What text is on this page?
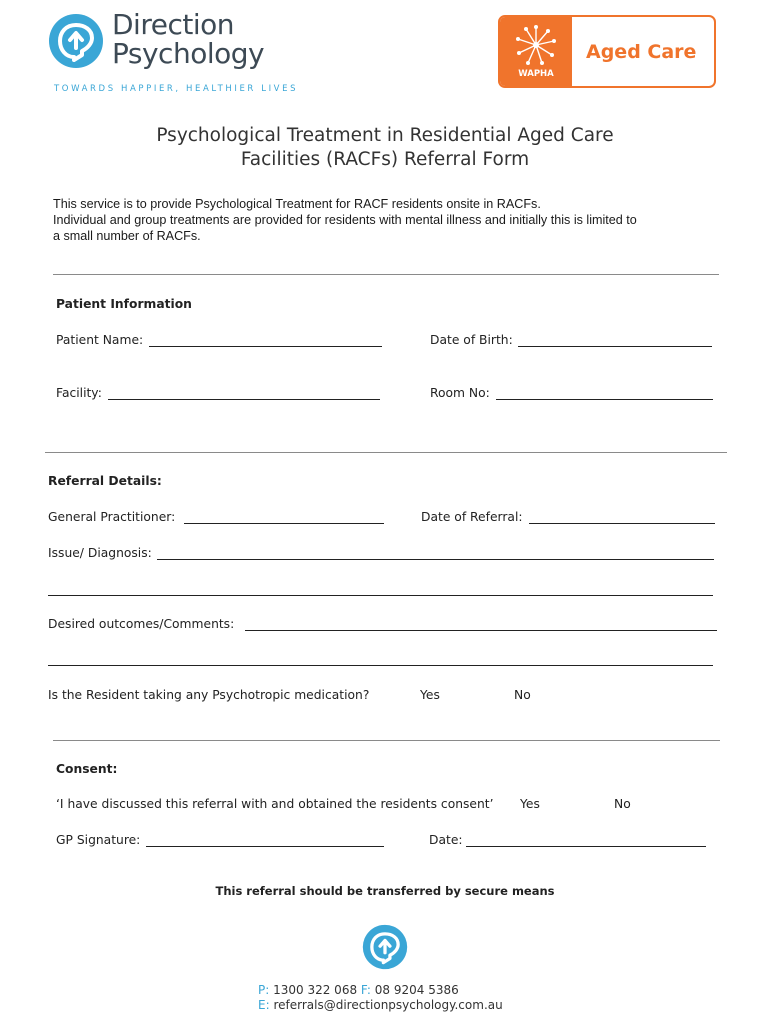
Direction
Psychology
TOWARDS HAPPIER, HEALTHIER LIVES
WAPHA
Aged Care
Psychological Treatment in Residential Aged Care
Facilities (RACFs) Referral Form
This service is to provide Psychological Treatment for RACF residents onsite in RACFs.
Individual and group treatments are provided for residents with mental illness and initially this is limited to
a small number of RACFs.
Patient Information
Patient Name:	Date of Birth:
Facility:	Room No:
Referral Details:
General Practitioner:	Date of Referral:
Issue/ Diagnosis:
Desired outcomes/Comments:
Is the Resident taking any Psychotropic medication?	Yes	No
Consent:
‘I have discussed this referral with and obtained the residents consent’ Yes	No
GP Signature:	Date:
This referral should be transferred by secure means
P: 1300 322 068 F: 08 9204 5386
E: referrals@directionpsychology.com.au
